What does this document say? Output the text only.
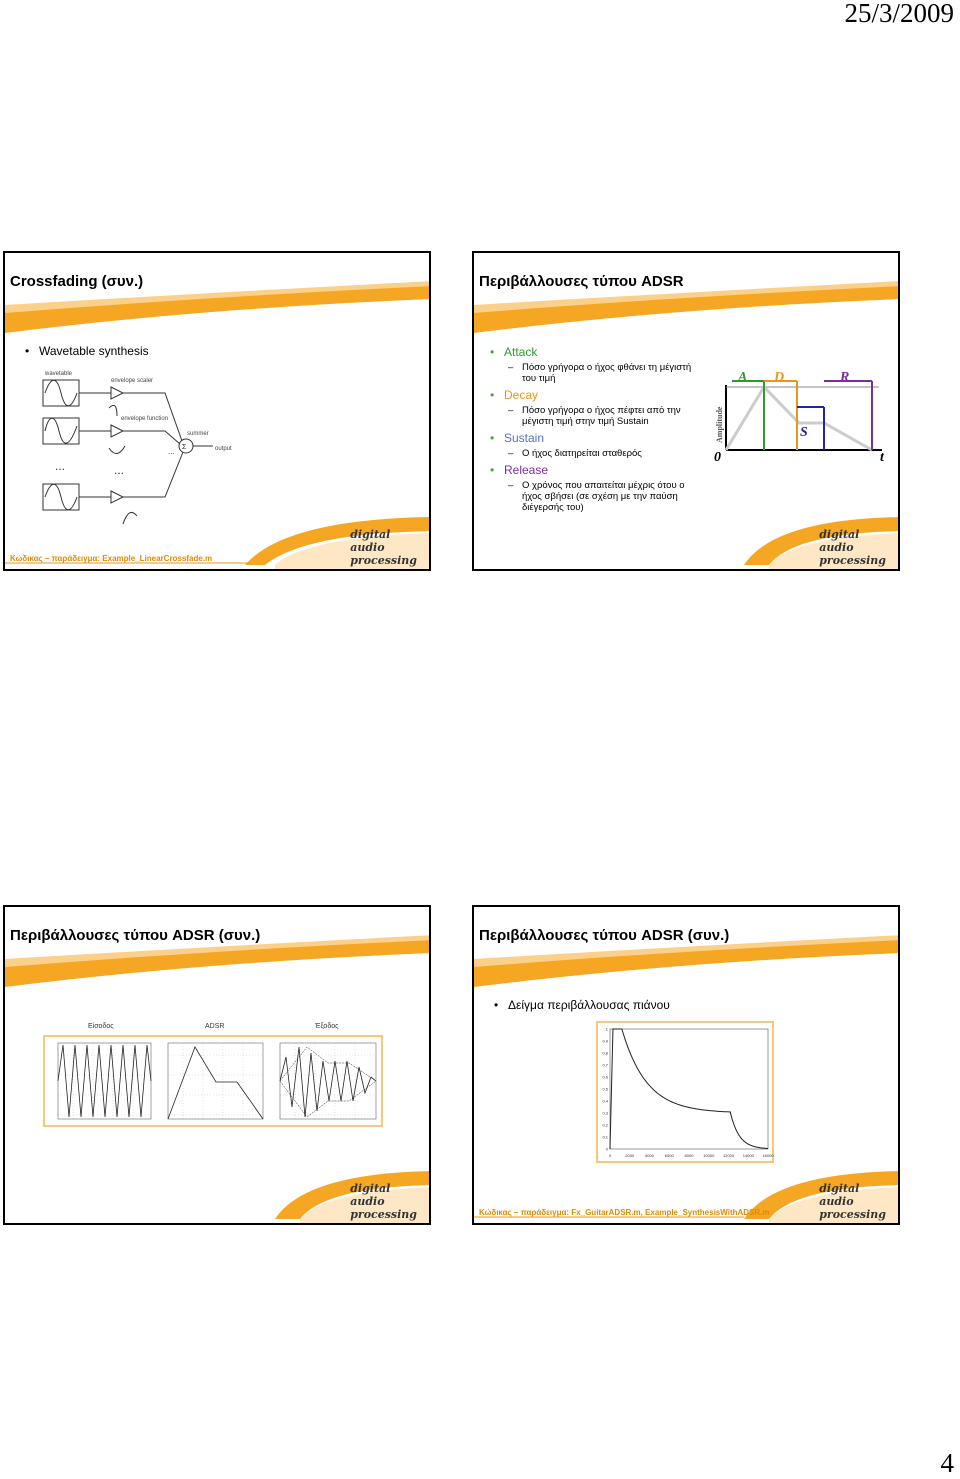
25/3/2009
Crossfading (συν.)
• Wavetable synthesis
wavetable
envelope scaler
envelope function
summer
output
Σ
...	...
...
Κώδικας – παράδειγμα: Example_LinearCrossfade.m
digital
audio
processing
Περιβάλλουσες τύπου ADSR
• Attack
– Πόσο γρήγορα ο ήχος φθάνει τη μέγιστή του τιμή
• Decay
– Πόσο γρήγορα ο ήχος πέφτει από την μέγιστη τιμή στην τιμή Sustain
• Sustain
– Ο ήχος διατηρείται σταθερός
• Release
– Ο χρόνος που απαιτείται μέχρις ότου ο ήχος σβήσει (σε σχέση με την παύση διέγερσής του)
A D
S
R
0	t
Amplitude
digital
audio
processing
Περιβάλλουσες τύπου ADSR (συν.)
Είσοδος	ADSR	Έξοδος
digital
audio
processing
Περιβάλλουσες τύπου ADSR (συν.)
• Δείγμα περιβάλλουσας πιάνου
0	2000	4000	6000	8000 10000 12000 14000 16000
0
0.1
0.2
0.3
0.4
0.5
0.6
0.7
0.8
0.9
1
Κώδικας – παράδειγμα: Fx_GuitarADSR.m, Example_SynthesisWithADSR.m
digital
audio
processing
4
